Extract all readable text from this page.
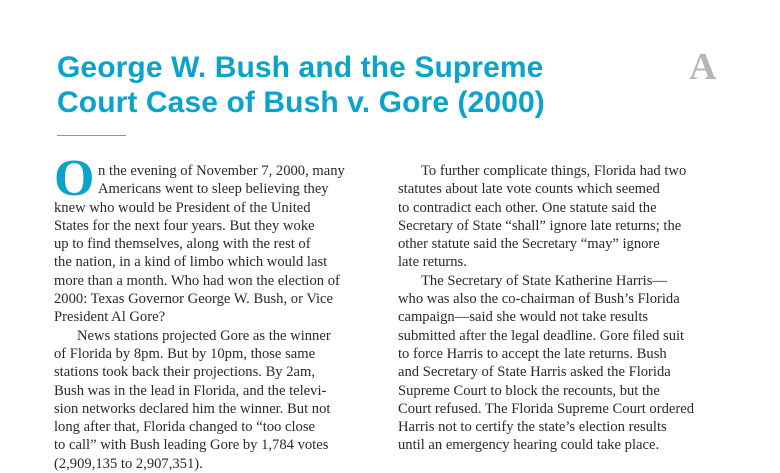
George W. Bush and the Supreme
Court Case of Bush v. Gore (2000)
A
O n the evening of November 7, 2000, many
Americans went to sleep believing they
knew who would be President of the United
States for the next four years. But they woke
up to find themselves, along with the rest of
the nation, in a kind of limbo which would last
more than a month. Who had won the election of
2000: Texas Governor George W. Bush, or Vice
President Al Gore?
News stations projected Gore as the winner
of Florida by 8pm. But by 10pm, those same
stations took back their projections. By 2am,
Bush was in the lead in Florida, and the televi-
sion networks declared him the winner. But not
long after that, Florida changed to “too close
to call” with Bush leading Gore by 1,784 votes
(2,909,135 to 2,907,351).
To further complicate things, Florida had two
statutes about late vote counts which seemed
to contradict each other. One statute said the
Secretary of State “shall” ignore late returns; the
other statute said the Secretary “may” ignore
late returns.
The Secretary of State Katherine Harris—
who was also the co-chairman of Bush’s Florida
campaign—said she would not take results
submitted after the legal deadline. Gore filed suit
to force Harris to accept the late returns. Bush
and Secretary of State Harris asked the Florida
Supreme Court to block the recounts, but the
Court refused. The Florida Supreme Court ordered
Harris not to certify the state’s election results
until an emergency hearing could take place.
